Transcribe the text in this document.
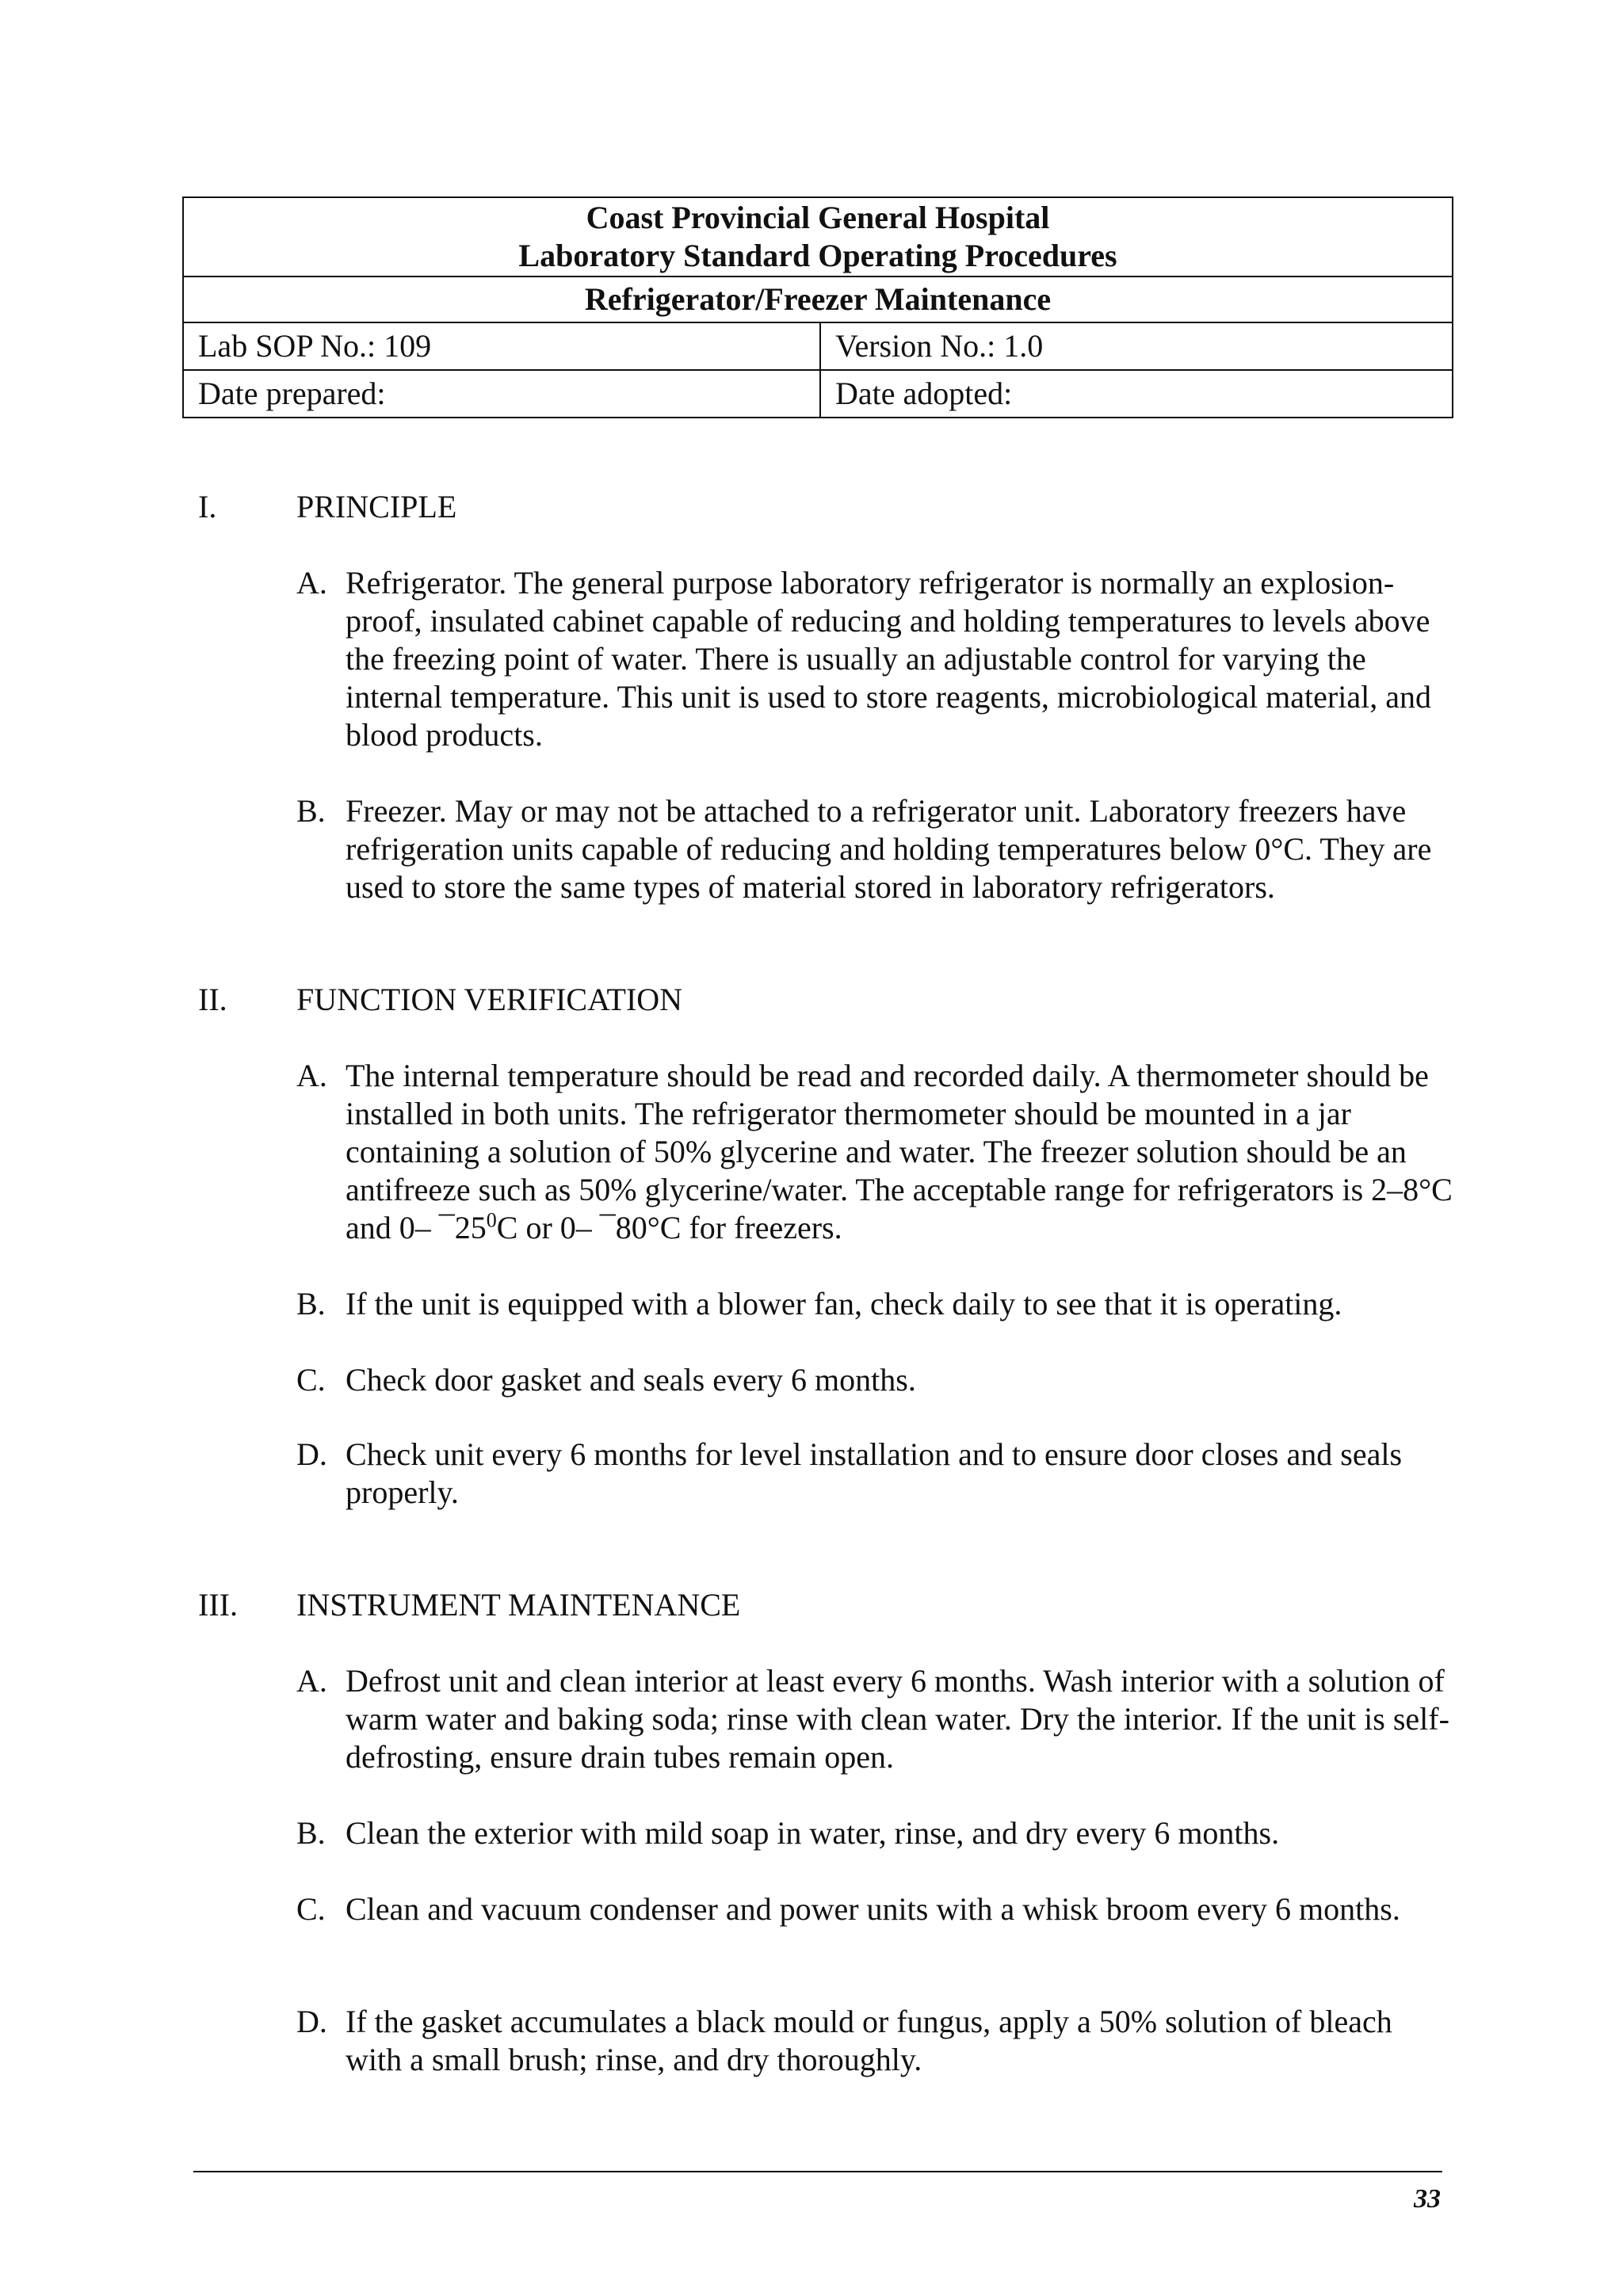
Coast Provincial General Hospital
Laboratory Standard Operating Procedures	

Refrigerator/Freezer Maintenance	
Lab SOP No.: 109	Version No.: 1.0
Date prepared:	Date adopted:
I.	PRINCIPLE
A. Refrigerator. The general purpose laboratory refrigerator is normally an explosion-proof, insulated cabinet capable of reducing and holding temperatures to levels above the freezing point of water. There is usually an adjustable control for varying the internal temperature. This unit is used to store reagents, microbiological material, and blood products.
B. Freezer. May or may not be attached to a refrigerator unit. Laboratory freezers have refrigeration units capable of reducing and holding temperatures below 0°C. They are used to store the same types of material stored in laboratory refrigerators.
II. FUNCTION VERIFICATION
A. The internal temperature should be read and recorded daily. A thermometer should be installed in both units. The refrigerator thermometer should be mounted in a jar containing a solution of 50% glycerine and water. The freezer solution should be an antifreeze such as 50% glycerine/water. The acceptable range for refrigerators is 2–8°C and 0– $¯25^0C$ or 0– ¯80°C for freezers.
B. If the unit is equipped with a blower fan, check daily to see that it is operating.
C. Check door gasket and seals every 6 months.
D. Check unit every 6 months for level installation and to ensure door closes and seals properly.
III. INSTRUMENT MAINTENANCE
A. Defrost unit and clean interior at least every 6 months. Wash interior with a solution of warm water and baking soda; rinse with clean water. Dry the interior. If the unit is self-defrosting, ensure drain tubes remain open.
B. Clean the exterior with mild soap in water, rinse, and dry every 6 months.
C. Clean and vacuum condenser and power units with a whisk broom every 6 months.
D. If the gasket accumulates a black mould or fungus, apply a 50% solution of bleach with a small brush; rinse, and dry thoroughly.
33
